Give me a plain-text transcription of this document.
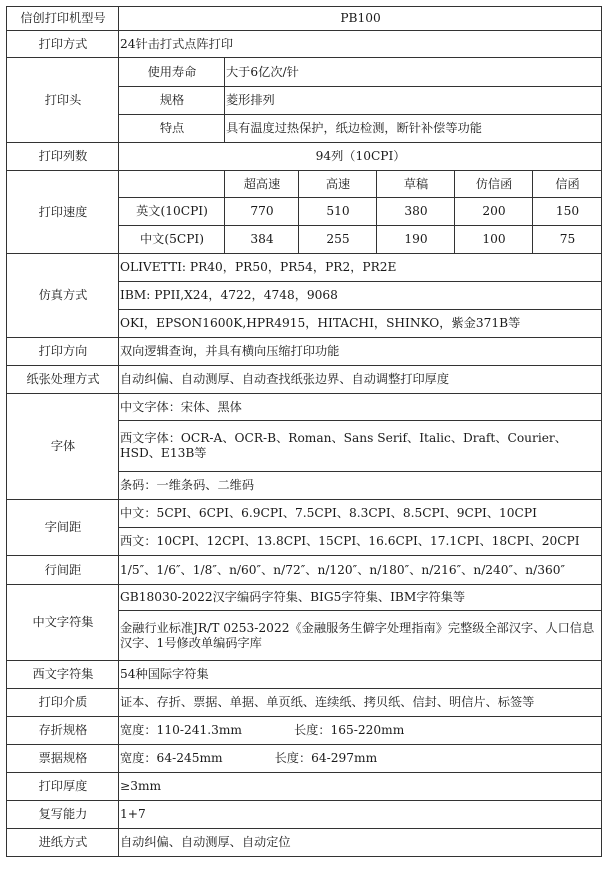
信创打印机型号	PB100					
打印方式	24针击打式点阵打印					
打印头	使用寿命	大于6亿次/针				
	规格	菱形排列				
	特点	具有温度过热保护，纸边检测，断针补偿等功能				
打印列数	94列（10CPI）					
打印速度		超高速	高速	草稿	仿信函	信函
	英文(10CPI)	770	510	380	200	150
	中文(5CPI)	384	255	190	100	75
仿真方式	OLIVETTI: PR40，PR50，PR54，PR2，PR2E					
	IBM: PPII,X24，4722，4748，9068					
	OKI，EPSON1600K,HPR4915，HITACHI，SHINKO，紫金371B等					
打印方向	双向逻辑查询，并具有横向压缩打印功能					
纸张处理方式	自动纠偏、自动测厚、自动查找纸张边界、自动调整打印厚度					
字体	中文字体：宋体、黑体					
	西文字体：OCR-A、OCR-B、Roman、Sans Serif、Italic、Draft、Courier、HSD、E13B等					
	条码：一维条码、二维码					
字间距	中文：5CPI、6CPI、6.9CPI、7.5CPI、8.3CPI、8.5CPI、9CPI、10CPI					
	西文：10CPI、12CPI、13.8CPI、15CPI、16.6CPI、17.1CPI、18CPI、20CPI					
行间距	1/5″、1/6″、1/8″、n/60″、n/72″、n/120″、n/180″、n/216″、n/240″、n/360″					
中文字符集	GB18030-2022汉字编码字符集、BIG5字符集、IBM字符集等					
	金融行业标准JR/T 0253-2022《金融服务生僻字处理指南》完整级全部汉字、人口信息汉字、1号修改单编码字库					
西文字符集	54种国际字符集					
打印介质	证本、存折、票据、单据、单页纸、连续纸、拷贝纸、信封、明信片、标签等					
存折规格	宽度：110-241.3mm 长度：165-220mm					
票据规格	宽度：64-245mm 长度：64-297mm					
打印厚度	≥3mm					
复写能力	1+7					
进纸方式	自动纠偏、自动测厚、自动定位					
